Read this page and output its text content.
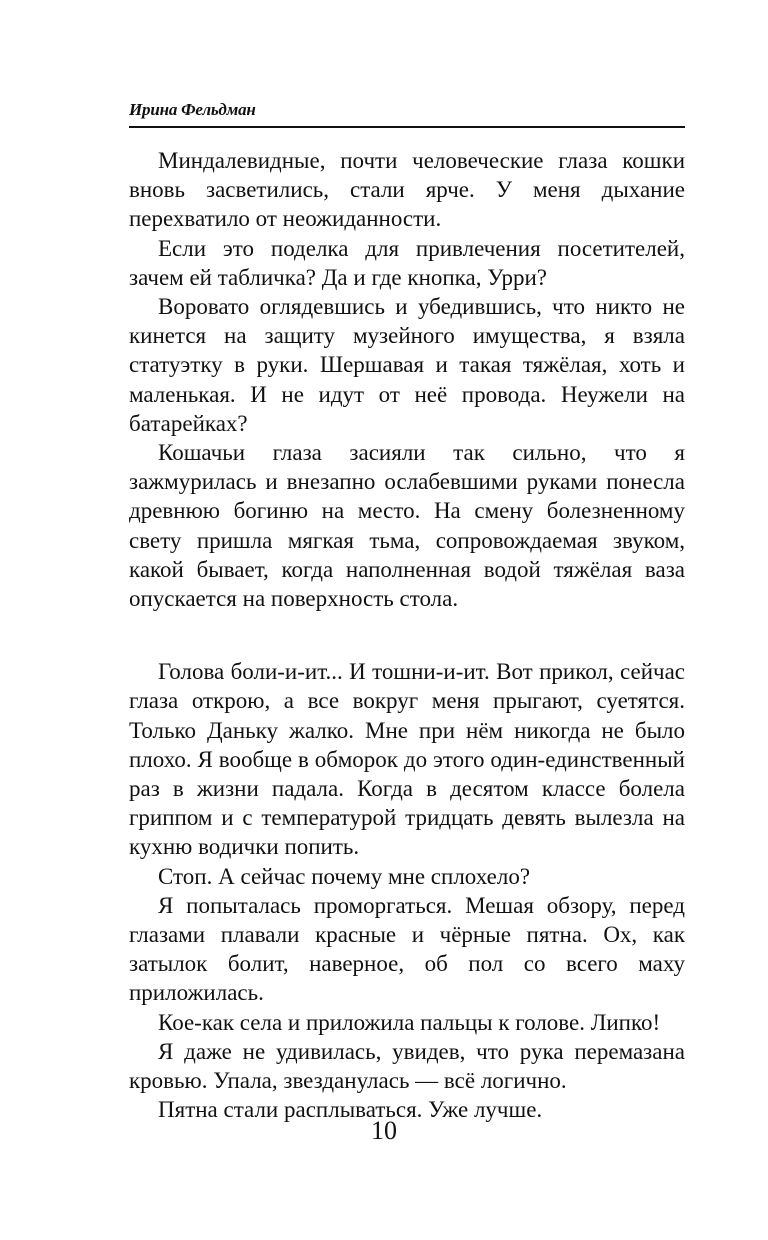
Ирина Фельдман

Миндалевидные, почти человеческие глаза кошки вновь засветились, стали ярче. У меня дыхание перехватило от неожиданности.

Если это поделка для привлечения посетителей, зачем ей табличка? Да и где кнопка, Урри?

Воровато оглядевшись и убедившись, что никто не кинется на защиту музейного имущества, я взяла статуэтку в руки. Шершавая и такая тяжёлая, хоть и маленькая. И не идут от неё провода. Неужели на батарейках?

Кошачьи глаза засияли так сильно, что я зажмурилась и внезапно ослабевшими руками понесла древнюю богиню на место. На смену болезненному свету пришла мягкая тьма, сопровождаемая звуком, какой бывает, когда наполненная водой тяжёлая ваза опускается на поверхность стола.

Голова боли-и-ит... И тошни-и-ит. Вот прикол, сейчас глаза открою, а все вокруг меня прыгают, суетятся. Только Даньку жалко. Мне при нём никогда не было плохо. Я вообще в обморок до этого один-единственный раз в жизни падала. Когда в десятом классе болела гриппом и с температурой тридцать девять вылезла на кухню водички попить.

Стоп. А сейчас почему мне сплохело?

Я попыталась проморгаться. Мешая обзору, перед глазами плавали красные и чёрные пятна. Ох, как затылок болит, наверное, об пол со всего маху приложилась.

Кое-как села и приложила пальцы к голове. Липко!

Я даже не удивилась, увидев, что рука перемазана кровью. Упала, звезданулась — всё логично.

Пятна стали расплываться. Уже лучше.

10
